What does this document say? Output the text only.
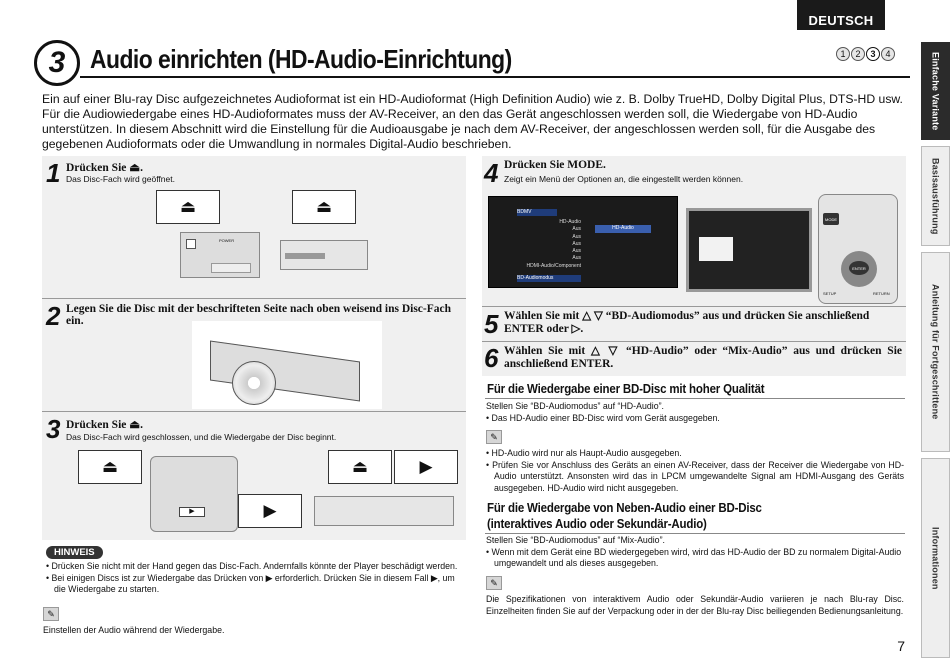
DEUTSCH
3 Audio einrichten (HD-Audio-Einrichtung)	1	2	3	4
Ein auf einer Blu-ray Disc aufgezeichnetes Audioformat ist ein HD-Audioformat (High Definition Audio) wie z. B. Dolby TrueHD, Dolby Digital Plus, DTS-HD usw. Für die Audiowiedergabe eines HD-Audioformates muss der AV-Receiver, an den das Gerät angeschlossen werden soll, die Wiedergabe von HD-Audio unterstützen. In diesem Abschnitt wird die Einstellung für die Audioausgabe je nach dem AV-Receiver, der angeschlossen werden soll, für die Ausgabe des gegebenen Audioformats oder die Umwandlung in normales Digital-Audio beschrieben.
Einfache Variante
Basisausführung
Anleitung für Fortgeschrittene
Informationen
1 Drücken Sie ⏏.
Das Disc-Fach wird geöffnet.
POWER
⏏	⏏
2 Legen Sie die Disc mit der beschrifteten Seite nach oben weisend ins Disc-Fach ein.
3 Drücken Sie ⏏.
Das Disc-Fach wird geschlossen, und die Wiedergabe der Disc beginnt.
⏏
▶	▶
⏏	▶
HINWEIS
• Drücken Sie nicht mit der Hand gegen das Disc-Fach. Andernfalls könnte der Player beschädigt werden.
• Bei einigen Discs ist zur Wiedergabe das Drücken von ▶ erforderlich. Drücken Sie in diesem Fall ▶, um die Wiedergabe zu starten.
✎
Einstellen der Audio während der Wiedergabe.
4 Drücken Sie MODE.
Zeigt ein Menü der Optionen an, die eingestellt werden können.
BDMV
HD-Audio
Aus
Aus
Aus
Aus
Aus
HDMI-Audio/Component
BD-Audiomodus
HD-Audio
MODE
ENTER
SETUP	RETURN
5 Wählen Sie mit △ ▽ “BD-Audiomodus” aus und drücken Sie anschließend ENTER oder ▷.
6 Wählen Sie mit △ ▽ “HD-Audio” oder “Mix-Audio” aus und drücken Sie anschließend ENTER.
Für die Wiedergabe einer BD-Disc mit hoher Qualität
Stellen Sie “BD-Audiomodus” auf “HD-Audio”.
• Das HD-Audio einer BD-Disc wird vom Gerät ausgegeben.
✎
• HD-Audio wird nur als Haupt-Audio ausgegeben.
• Prüfen Sie vor Anschluss des Geräts an einen AV-Receiver, dass der Receiver die Wiedergabe von HD-Audio unterstützt. Ansonsten wird das in LPCM umgewandelte Signal am HDMI-Ausgang des Geräts ausgegeben. HD-Audio wird nicht ausgegeben.
Für die Wiedergabe von Neben-Audio einer BD-Disc
(interaktives Audio oder Sekundär-Audio)
Stellen Sie “BD-Audiomodus” auf “Mix-Audio”.
• Wenn mit dem Gerät eine BD wiedergegeben wird, wird das HD-Audio der BD zu normalem Digital-Audio umgewandelt und als dieses ausgegeben.
✎
Die Spezifikationen von interaktivem Audio oder Sekundär-Audio variieren je nach Blu-ray Disc. Einzelheiten finden Sie auf der Verpackung oder in der der Blu-ray Disc beiliegenden Bedienungsanleitung.
7
